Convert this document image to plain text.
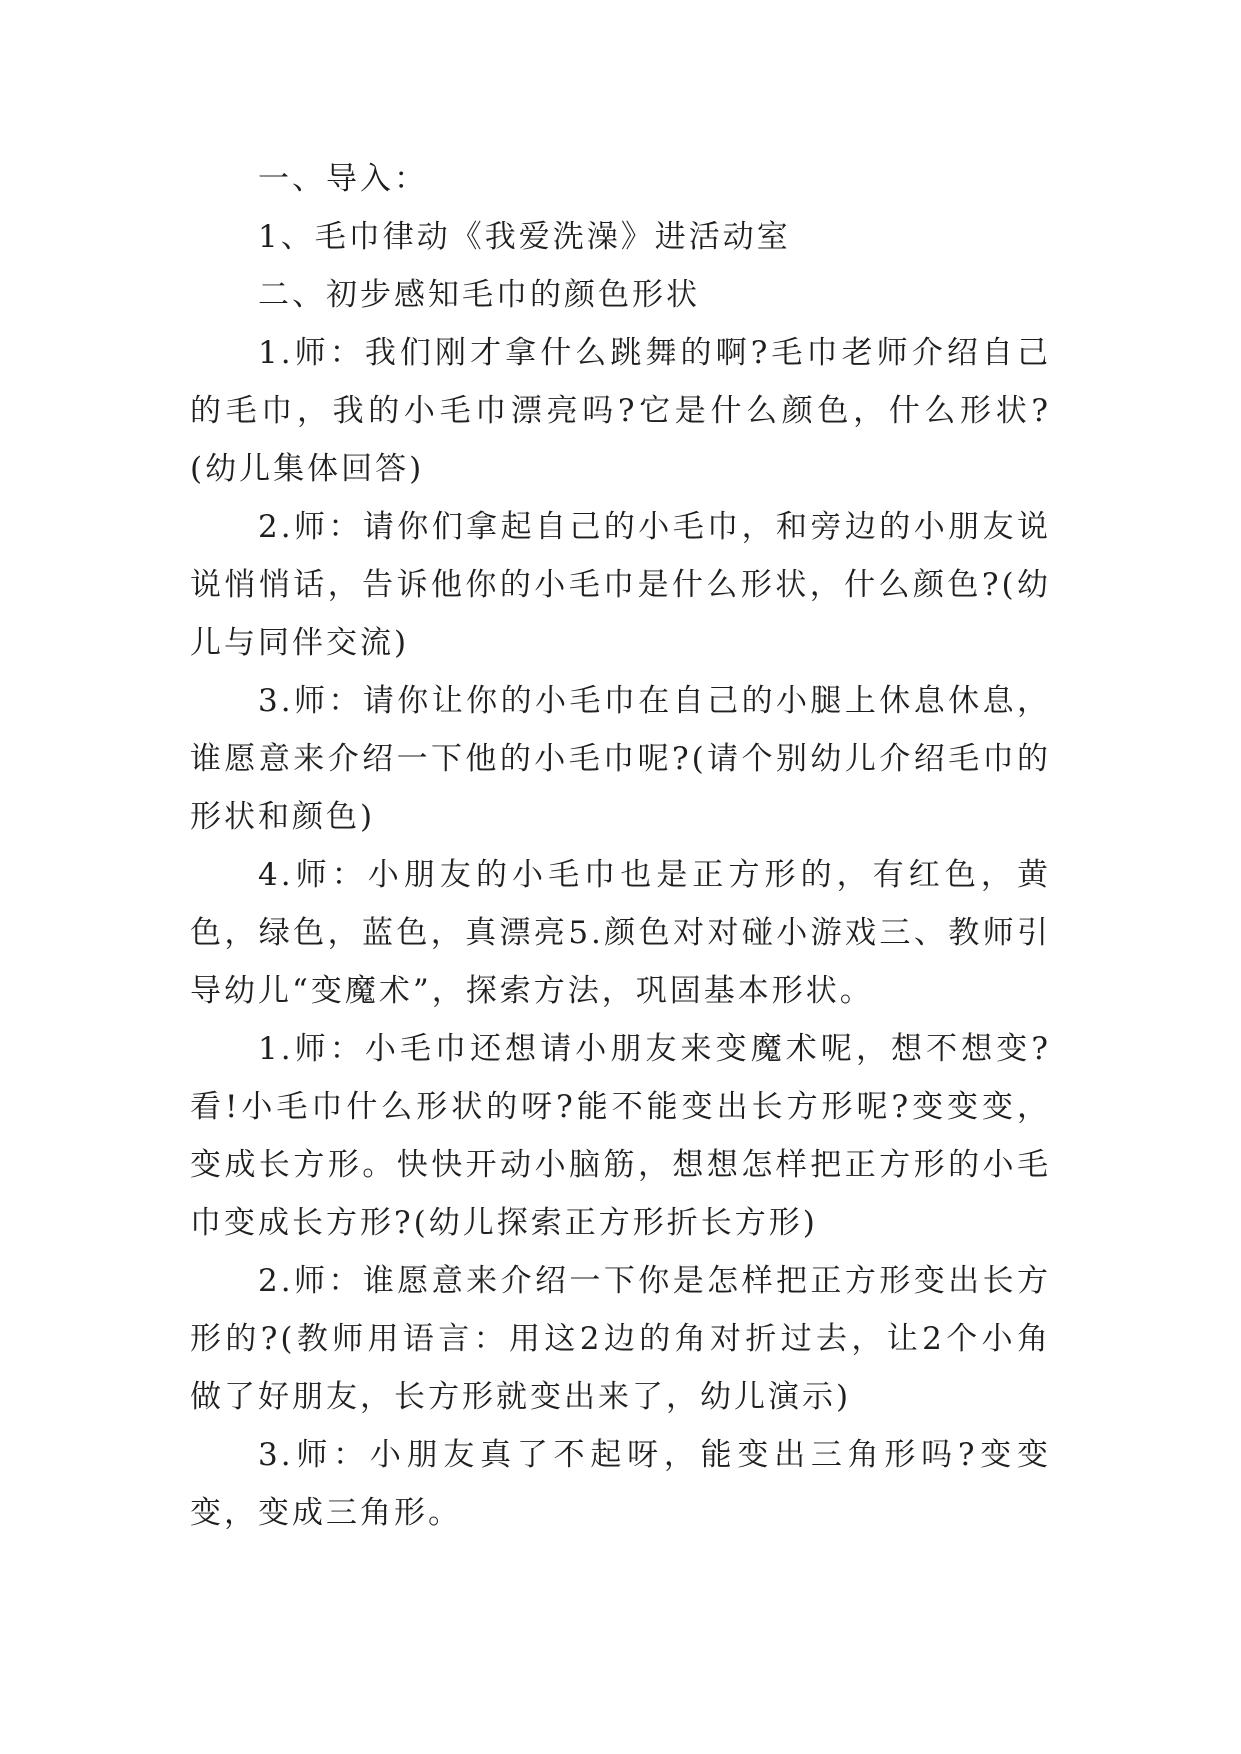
一、导入：

1、毛巾律动《我爱洗澡》进活动室

二、初步感知毛巾的颜色形状

1.师：我们刚才拿什么跳舞的啊?毛巾老师介绍自己的毛巾，我的小毛巾漂亮吗?它是什么颜色，什么形状?(幼儿集体回答)

2.师：请你们拿起自己的小毛巾，和旁边的小朋友说说悄悄话，告诉他你的小毛巾是什么形状，什么颜色?(幼儿与同伴交流)

3.师：请你让你的小毛巾在自己的小腿上休息休息，谁愿意来介绍一下他的小毛巾呢?(请个别幼儿介绍毛巾的形状和颜色)

4.师：小朋友的小毛巾也是正方形的，有红色，黄色，绿色，蓝色，真漂亮5.颜色对对碰小游戏三、教师引导幼儿“变魔术”，探索方法，巩固基本形状。

1.师：小毛巾还想请小朋友来变魔术呢，想不想变?看!小毛巾什么形状的呀?能不能变出长方形呢?变变变，变成长方形。快快开动小脑筋，想想怎样把正方形的小毛巾变成长方形?(幼儿探索正方形折长方形)

2.师：谁愿意来介绍一下你是怎样把正方形变出长方形的?(教师用语言：用这2边的角对折过去，让2个小角做了好朋友，长方形就变出来了，幼儿演示)

3.师：小朋友真了不起呀，能变出三角形吗?变变变，变成三角形。
